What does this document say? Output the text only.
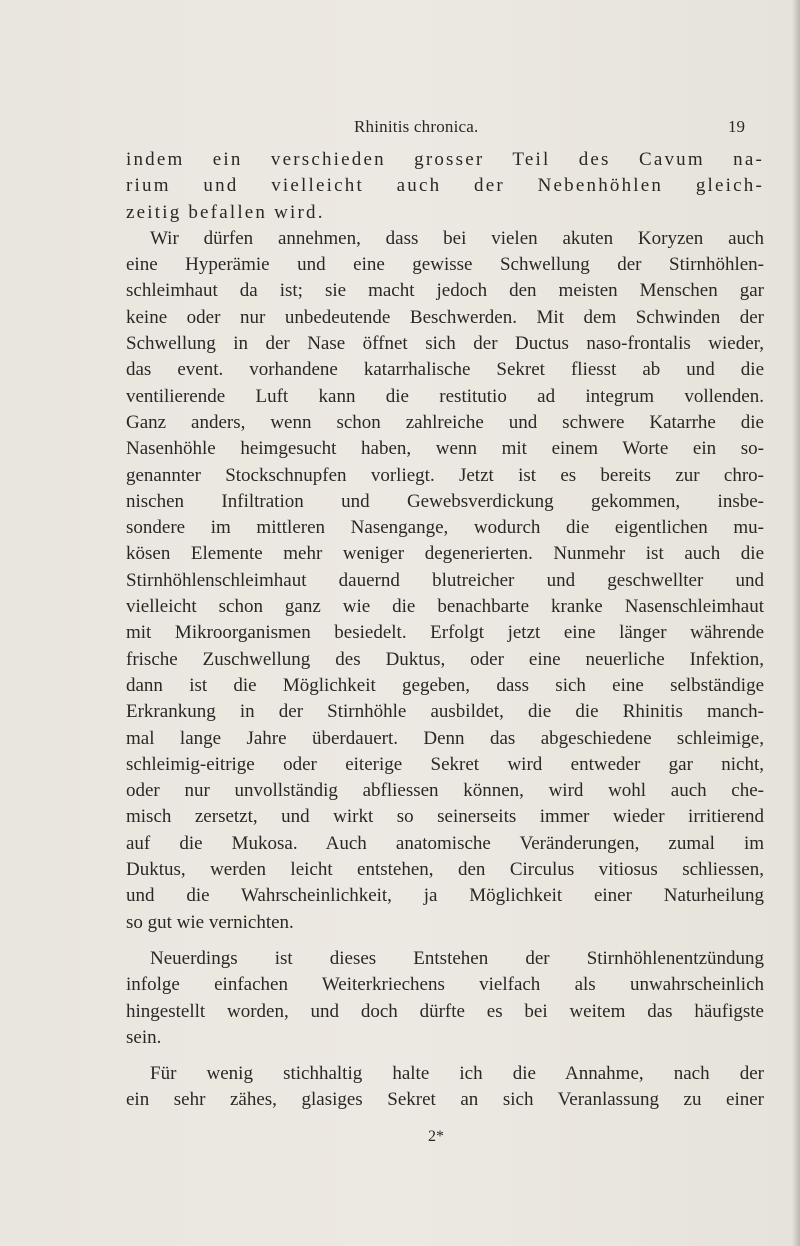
Rhinitis chronica.	19
indem ein verschieden grosser Teil des Cavum na-
rium und vielleicht auch der Nebenhöhlen gleich-
zeitig befallen wird.
Wir dürfen annehmen, dass bei vielen akuten Koryzen auch
eine Hyperämie und eine gewisse Schwellung der Stirnhöhlen-
schleimhaut da ist; sie macht jedoch den meisten Menschen gar
keine oder nur unbedeutende Beschwerden. Mit dem Schwinden der
Schwellung in der Nase öffnet sich der Ductus naso-frontalis wieder,
das event. vorhandene katarrhalische Sekret fliesst ab und die
ventilierende Luft kann die restitutio ad integrum vollenden.
Ganz anders, wenn schon zahlreiche und schwere Katarrhe die
Nasenhöhle heimgesucht haben, wenn mit einem Worte ein so-
genannter Stockschnupfen vorliegt. Jetzt ist es bereits zur chro-
nischen Infiltration und Gewebsverdickung gekommen, insbe-
sondere im mittleren Nasengange, wodurch die eigentlichen mu-
kösen Elemente mehr weniger degenerierten. Nunmehr ist auch die
Stirnhöhlenschleimhaut dauernd blutreicher und geschwellter und
vielleicht schon ganz wie die benachbarte kranke Nasenschleimhaut
mit Mikroorganismen besiedelt. Erfolgt jetzt eine länger währende
frische Zuschwellung des Duktus, oder eine neuerliche Infektion,
dann ist die Möglichkeit gegeben, dass sich eine selbständige
Erkrankung in der Stirnhöhle ausbildet, die die Rhinitis manch-
mal lange Jahre überdauert. Denn das abgeschiedene schleimige,
schleimig-eitrige oder eiterige Sekret wird entweder gar nicht,
oder nur unvollständig abfliessen können, wird wohl auch che-
misch zersetzt, und wirkt so seinerseits immer wieder irritierend
auf die Mukosa. Auch anatomische Veränderungen, zumal im
Duktus, werden leicht entstehen, den Circulus vitiosus schliessen,
und die Wahrscheinlichkeit, ja Möglichkeit einer Naturheilung
so gut wie vernichten.
Neuerdings ist dieses Entstehen der Stirnhöhlenentzündung
infolge einfachen Weiterkriechens vielfach als unwahrscheinlich
hingestellt worden, und doch dürfte es bei weitem das häufigste
sein.
Für wenig stichhaltig halte ich die Annahme, nach der
ein sehr zähes, glasiges Sekret an sich Veranlassung zu einer
2*
